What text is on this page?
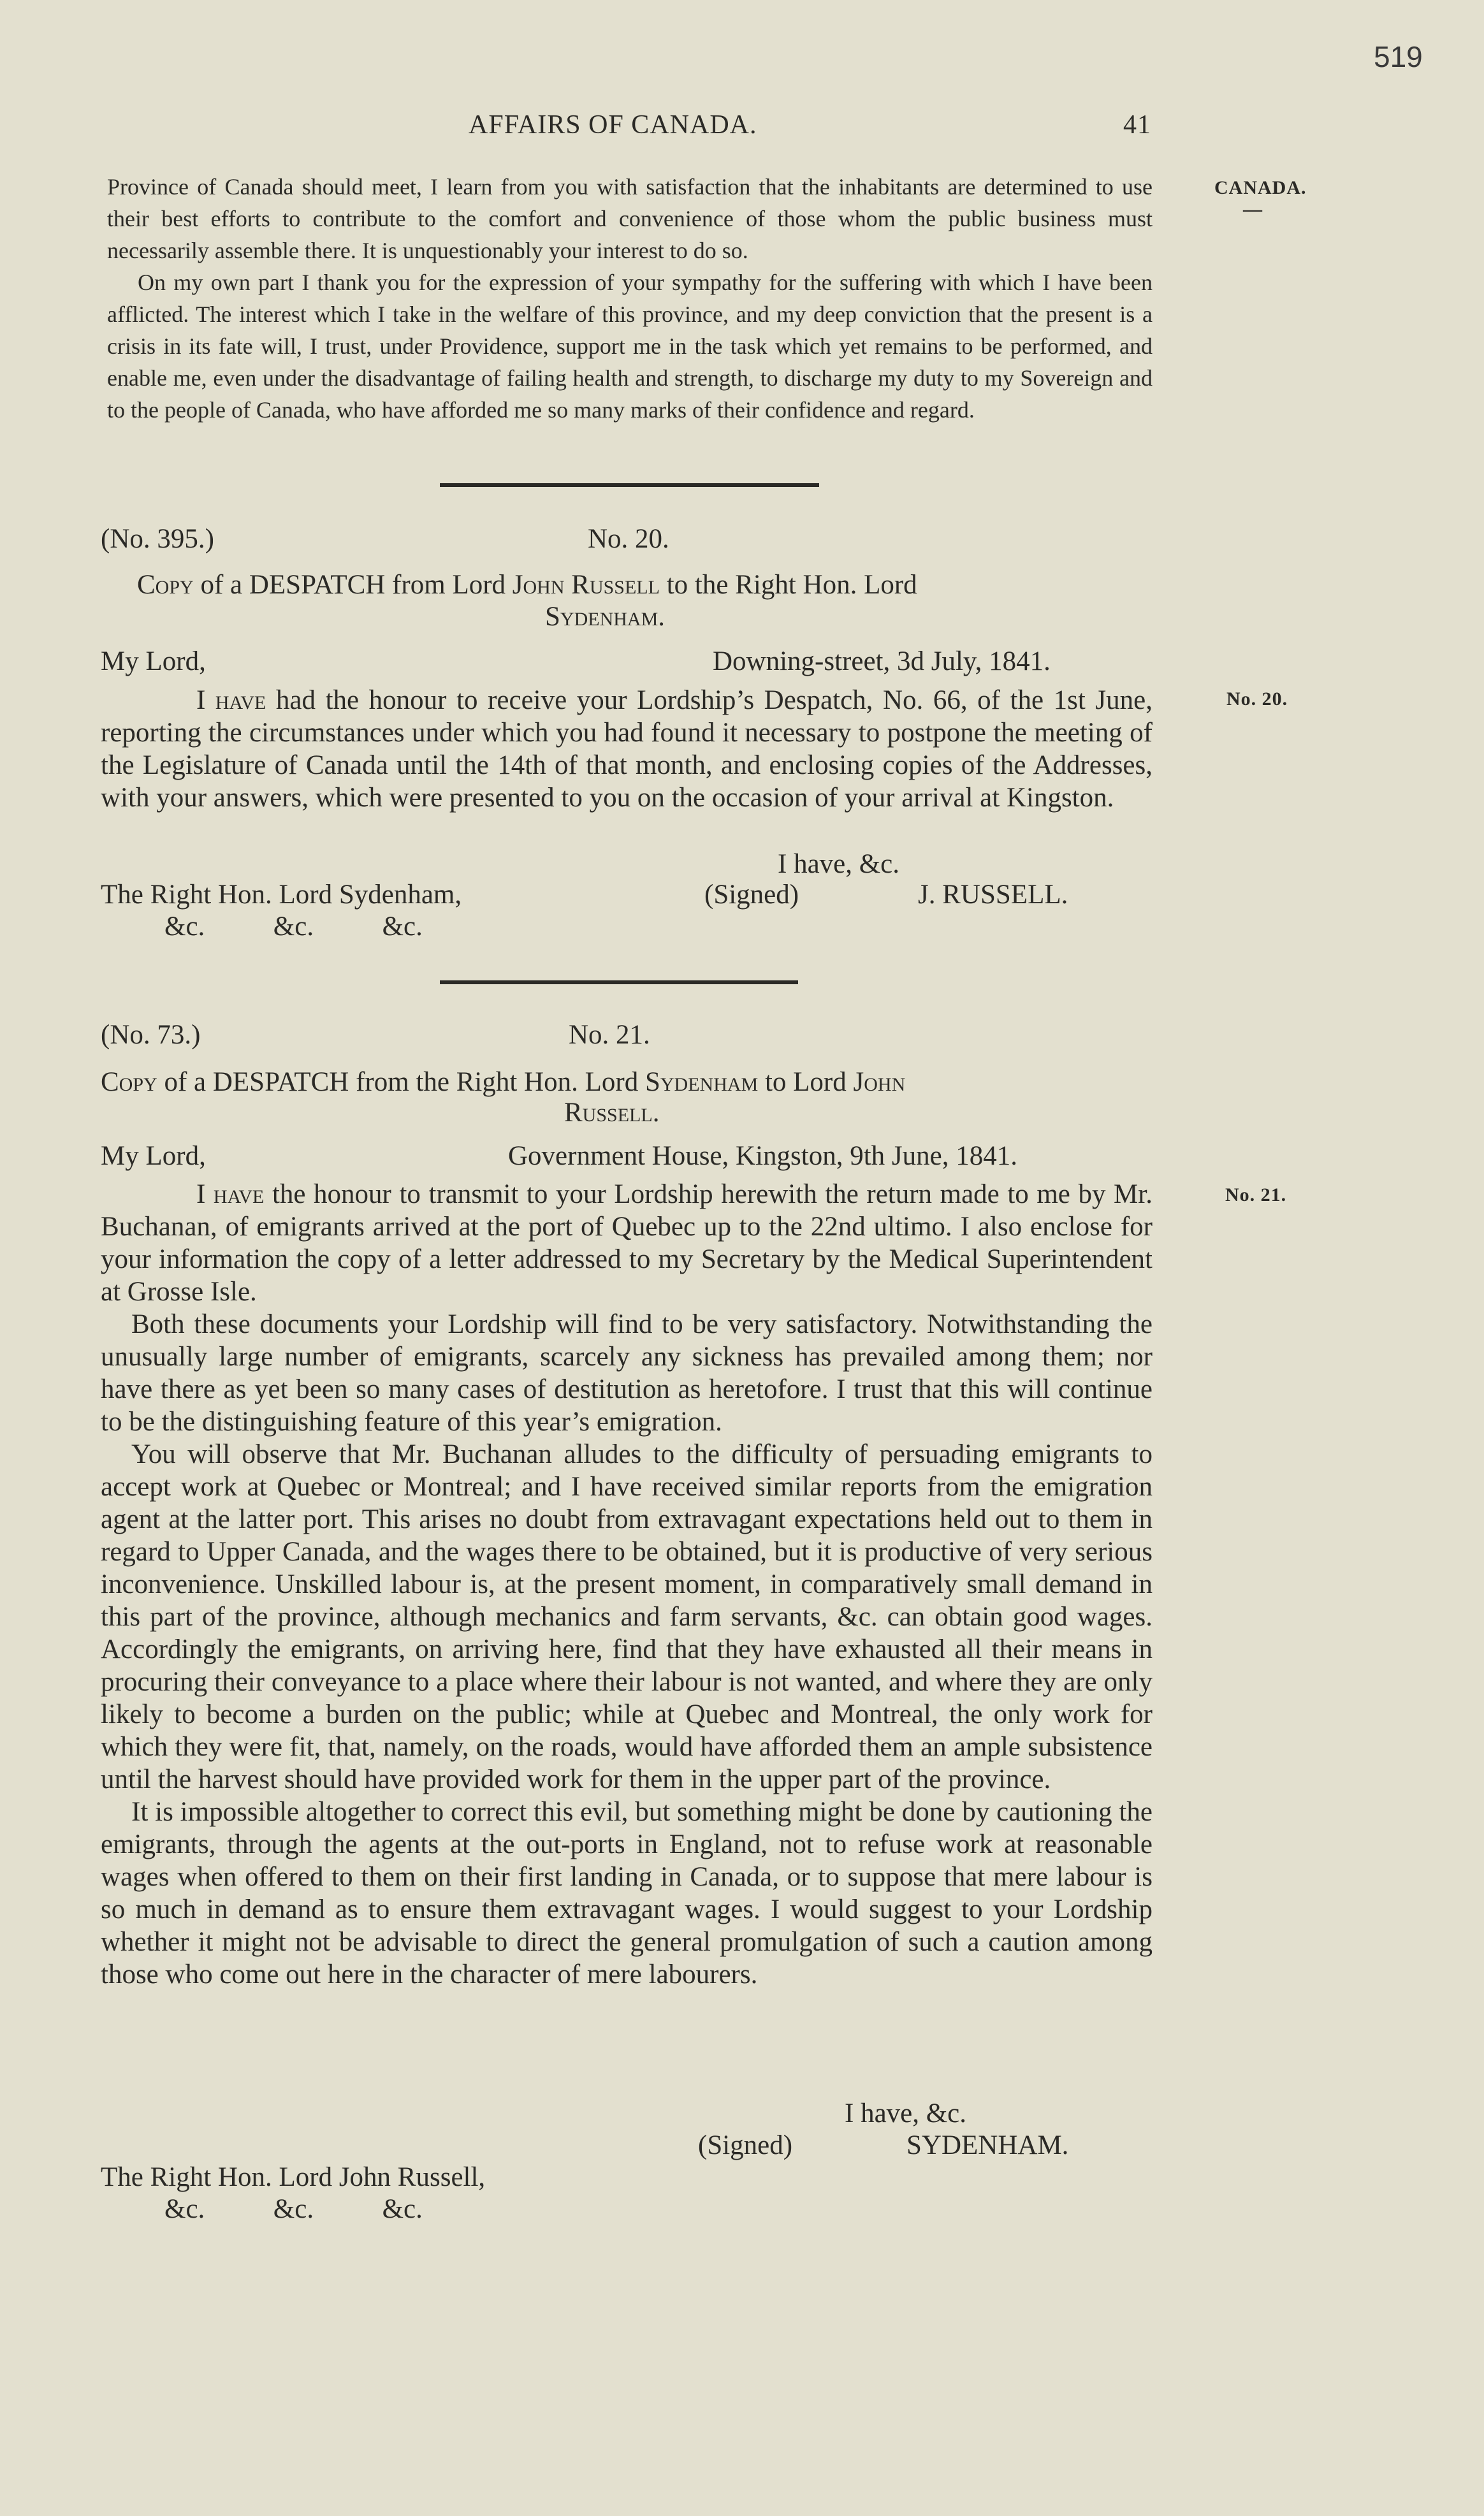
519
AFFAIRS OF CANADA.	41
CANADA.
—
No. 20.
No. 21.

Province of Canada should meet, I learn from you with satisfaction that the inhabitants are determined to use their best efforts to contribute to the comfort and convenience of those whom the public business must necessarily assemble there. It is unquestionably your interest to do so.

On my own part I thank you for the expression of your sympathy for the suffering with which I have been afflicted. The interest which I take in the welfare of this province, and my deep conviction that the present is a crisis in its fate will, I trust, under Providence, support me in the task which yet remains to be performed, and enable me, even under the disadvantage of failing health and strength, to discharge my duty to my Sovereign and to the people of Canada, who have afforded me so many marks of their confidence and regard.

(No. 395.)	No. 20.
Copy of a DESPATCH from Lord John Russell to the Right Hon. Lord
Sydenham.
My Lord,	Downing-street, 3d July, 1841.
I have had the honour to receive your Lordship’s Despatch, No. 66, of the 1st June, reporting the circumstances under which you had found it necessary to postpone the meeting of the Legislature of Canada until the 14th of that month, and enclosing copies of the Addresses, with your answers, which were presented to you on the occasion of your arrival at Kingston.
I have, &c.
The Right Hon. Lord Sydenham,	(Signed)	J. RUSSELL.
&c.          &c.          &c.
(No. 73.)	No. 21.
Copy of a DESPATCH from the Right Hon. Lord Sydenham to Lord John
Russell.
My Lord,	Government House, Kingston, 9th June, 1841.

I have the honour to transmit to your Lordship herewith the return made to me by Mr. Buchanan, of emigrants arrived at the port of Quebec up to the 22nd ultimo. I also enclose for your information the copy of a letter addressed to my Secretary by the Medical Superintendent at Grosse Isle.

Both these documents your Lordship will find to be very satisfactory. Notwithstanding the unusually large number of emigrants, scarcely any sickness has prevailed among them; nor have there as yet been so many cases of destitution as heretofore. I trust that this will continue to be the distinguishing feature of this year’s emigration.

You will observe that Mr. Buchanan alludes to the difficulty of persuading emigrants to accept work at Quebec or Montreal; and I have received similar reports from the emigration agent at the latter port. This arises no doubt from extravagant expectations held out to them in regard to Upper Canada, and the wages there to be obtained, but it is productive of very serious inconvenience. Unskilled labour is, at the present moment, in comparatively small demand in this part of the province, although mechanics and farm servants, &c. can obtain good wages. Accordingly the emigrants, on arriving here, find that they have exhausted all their means in procuring their conveyance to a place where their labour is not wanted, and where they are only likely to become a burden on the public; while at Quebec and Montreal, the only work for which they were fit, that, namely, on the roads, would have afforded them an ample subsistence until the harvest should have provided work for them in the upper part of the province.

It is impossible altogether to correct this evil, but something might be done by cautioning the emigrants, through the agents at the out-ports in England, not to refuse work at reasonable wages when offered to them on their first landing in Canada, or to suppose that mere labour is so much in demand as to ensure them extravagant wages. I would suggest to your Lordship whether it might not be advisable to direct the general promulgation of such a caution among those who come out here in the character of mere labourers.

I have, &c.
(Signed)	SYDENHAM.
The Right Hon. Lord John Russell,
&c.          &c.          &c.
